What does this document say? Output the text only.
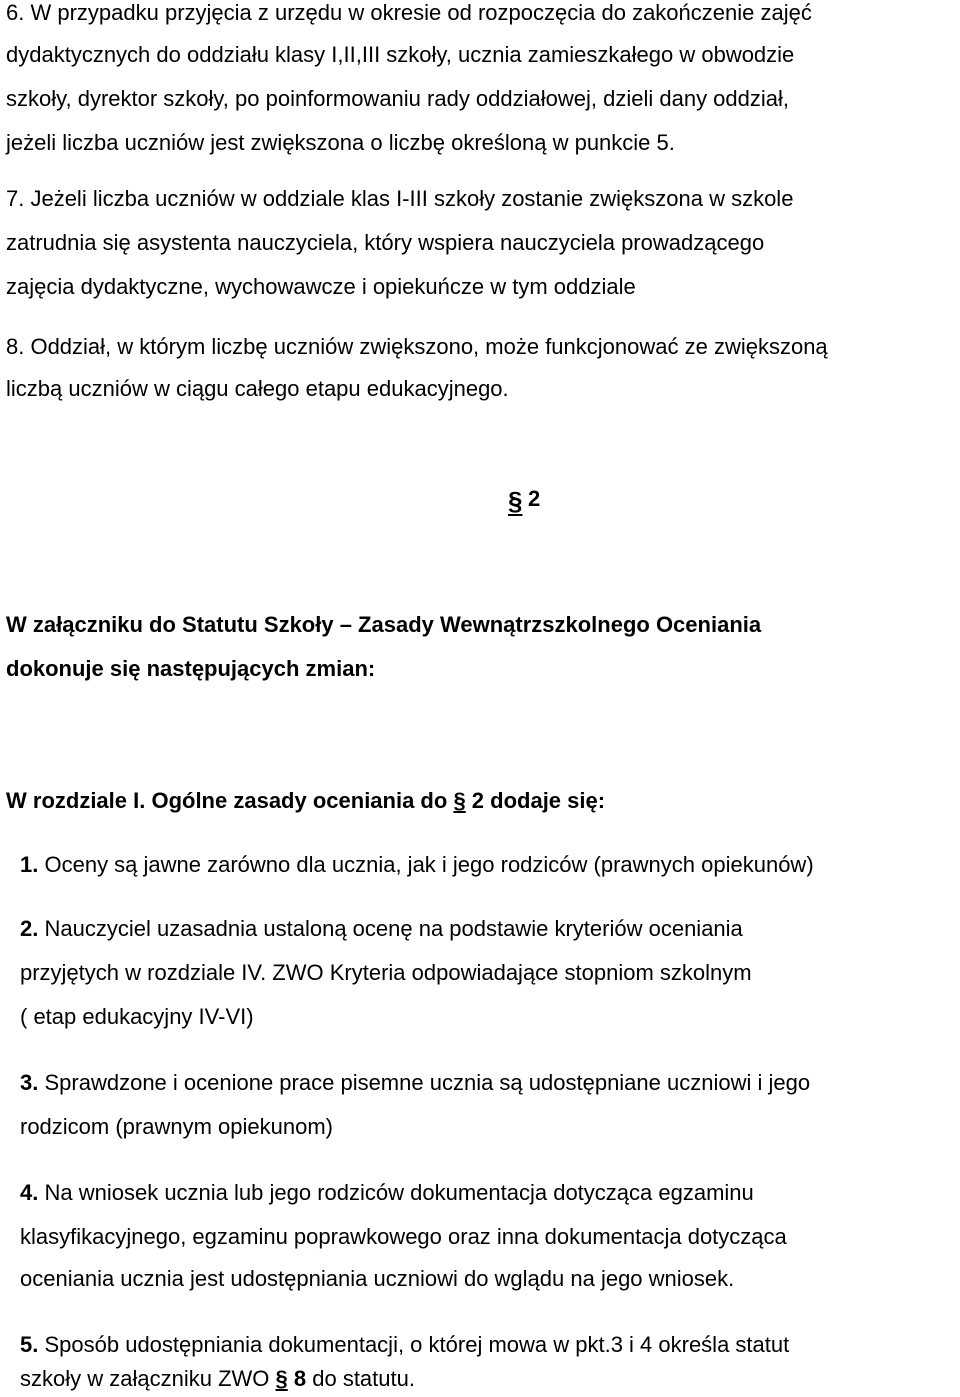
6. W przypadku przyjęcia z urzędu w okresie od rozpoczęcia do zakończenie zajęć
dydaktycznych do oddziału klasy I,II,III szkoły, ucznia zamieszkałego w obwodzie
szkoły, dyrektor szkoły, po poinformowaniu rady oddziałowej, dzieli dany oddział,
jeżeli liczba uczniów jest zwiększona o liczbę określoną w punkcie 5.
7. Jeżeli liczba uczniów w oddziale klas I-III szkoły zostanie zwiększona w szkole
zatrudnia się asystenta nauczyciela, który wspiera nauczyciela prowadzącego
zajęcia dydaktyczne, wychowawcze i opiekuńcze w tym oddziale
8. Oddział, w którym liczbę uczniów zwiększono, może funkcjonować ze zwiększoną
liczbą uczniów w ciągu całego etapu edukacyjnego.
§ 2
W załączniku do Statutu Szkoły – Zasady Wewnątrzszkolnego Oceniania
dokonuje się następujących zmian:
W rozdziale I. Ogólne zasady oceniania do § 2 dodaje się:
1. Oceny są jawne zarówno dla ucznia, jak i jego rodziców (prawnych opiekunów)
2. Nauczyciel uzasadnia ustaloną ocenę na podstawie kryteriów oceniania
przyjętych w rozdziale IV. ZWO Kryteria odpowiadające stopniom szkolnym
( etap edukacyjny IV-VI)
3. Sprawdzone i ocenione prace pisemne ucznia są udostępniane uczniowi i jego
rodzicom (prawnym opiekunom)
4. Na wniosek ucznia lub jego rodziców dokumentacja dotycząca egzaminu
klasyfikacyjnego, egzaminu poprawkowego oraz inna dokumentacja dotycząca
oceniania ucznia jest udostępniania uczniowi do wglądu na jego wniosek.
5. Sposób udostępniania dokumentacji, o której mowa w pkt.3 i 4 określa statut
szkoły w załączniku ZWO § 8 do statutu.
